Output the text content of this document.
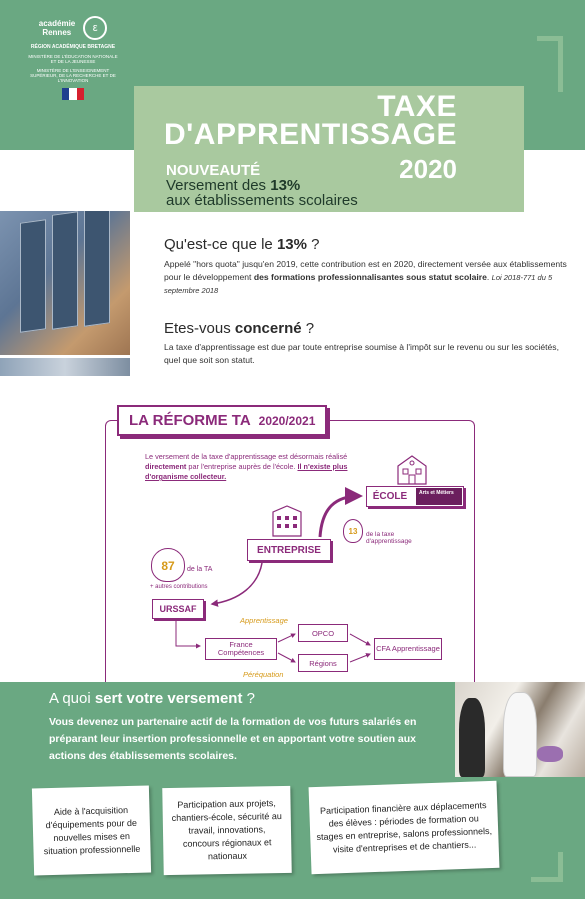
académie Rennes ε
RÉGION ACADÉMIQUE BRETAGNE
MINISTÈRE DE L'ÉDUCATION NATIONALE ET DE LA JEUNESSE
MINISTÈRE DE L'ENSEIGNEMENT SUPÉRIEUR, DE LA RECHERCHE ET DE L'INNOVATION
TAXE
D'APPRENTISSAGE
NOUVEAUTÉ	2020
Versement des 13%
aux établissements scolaires
Qu'est-ce que le 13% ?
Appelé "hors quota" jusqu'en 2019, cette contribution est en 2020, directement versée aux établissements pour le développement des formations professionnalisantes sous statut scolaire. Loi 2018-771 du 5 septembre 2018
Etes-vous concerné ?
La taxe d'apprentissage est due par toute entreprise soumise à l'impôt sur le revenu ou sur les sociétés, quel que soit son statut.
LA RÉFORME TA 2020/2021
Le versement de la taxe d'apprentissage est désormais réalisé directement par l'entreprise auprès de l'école. Il n'existe plus d'organisme collecteur.
ÉCOLE	Arts et Métiers
ENTREPRISE
13	de la taxe d'apprentissage
87	de la TA
+ autres contributions
URSSAF
Apprentissage
France Compétences
OPCO
Régions
CFA Apprentissage
Péréquation
A quoi sert votre versement ?
Vous devenez un partenaire actif de la formation de vos futurs salariés en préparant leur insertion professionnelle et en apportant votre soutien aux actions des établissements scolaires.
Aide à l'acquisition d'équipements pour de nouvelles mises en situation professionnelle
Participation aux projets, chantiers-école, sécurité au travail, innovations, concours régionaux et nationaux
Participation financière aux déplacements des élèves : périodes de formation ou stages en entreprise, salons professionnels, visite d'entreprises et de chantiers...
